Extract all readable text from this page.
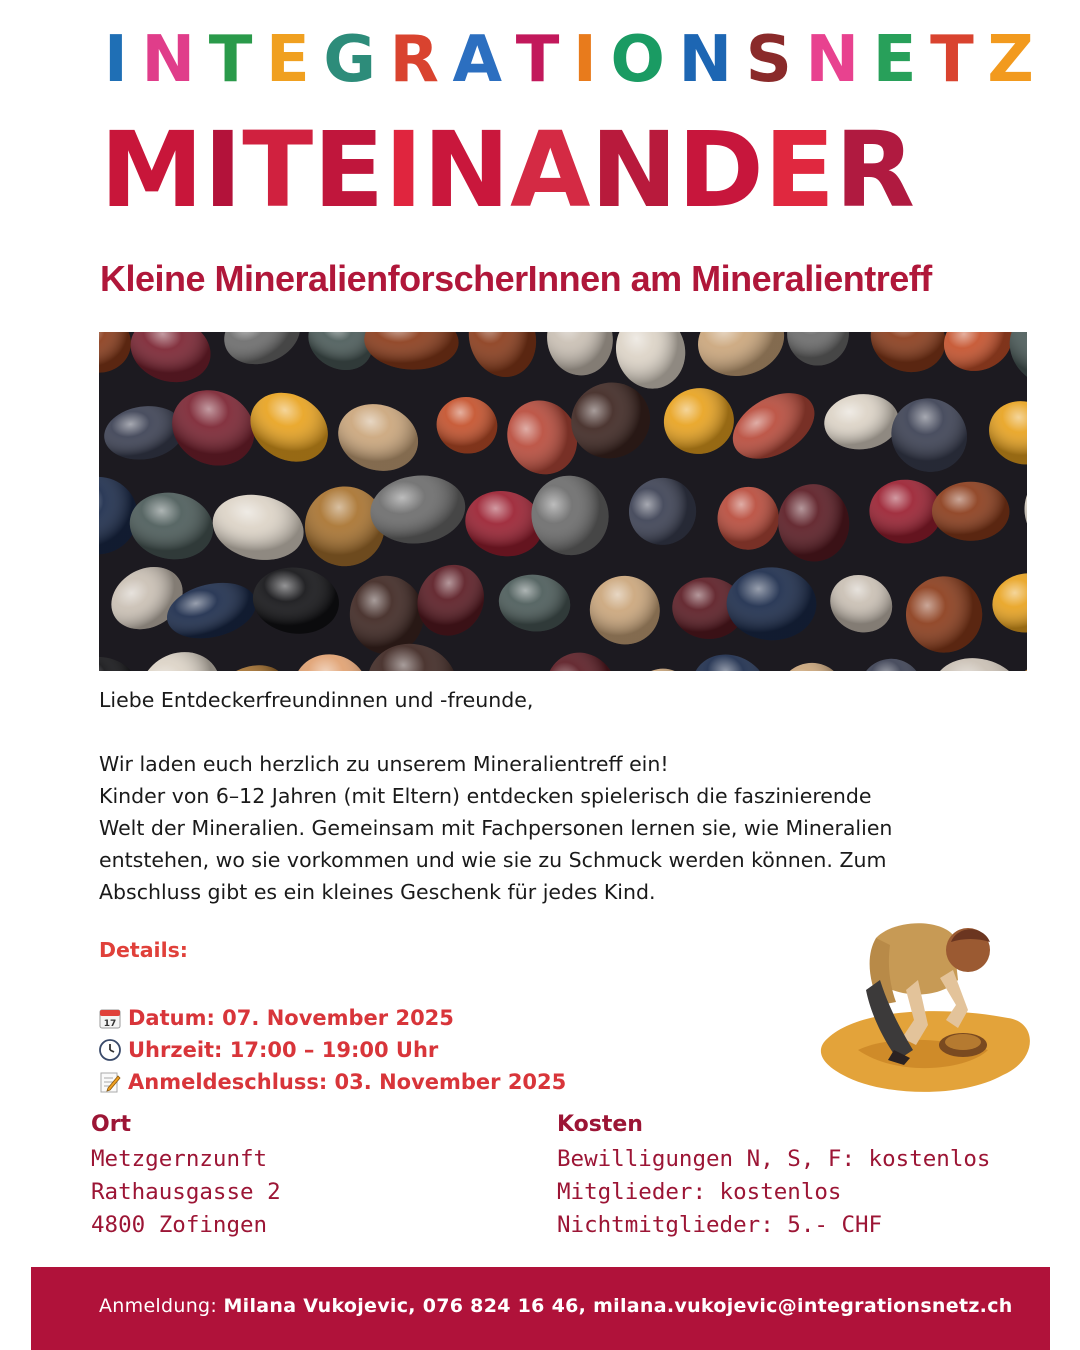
I N T E G R A T I O N S N E T Z
M I T E I N A N D E R
Kleine MineralienforscherInnen am Mineralientreff

Liebe Entdeckerfreundinnen und -freunde,

Wir laden euch herzlich zu unserem Mineralientreff ein!

Kinder von 6–12 Jahren (mit Eltern) entdecken spielerisch die faszinierende

Welt der Mineralien. Gemeinsam mit Fachpersonen lernen sie, wie Mineralien

entstehen, wo sie vorkommen und wie sie zu Schmuck werden können. Zum

Abschluss gibt es ein kleines Geschenk für jedes Kind.

Details:
17 Datum: 07. November 2025
Uhrzeit: 17:00 – 19:00 Uhr
Anmeldeschluss: 03. November 2025
Ort
Metzgernzunft
Rathausgasse 2
4800 Zofingen
Kosten
Bewilligungen N, S, F: kostenlos
Mitglieder: kostenlos
Nichtmitglieder: 5.- CHF
Anmeldung: Milana Vukojevic, 076 824 16 46, milana.vukojevic@integrationsnetz.ch
